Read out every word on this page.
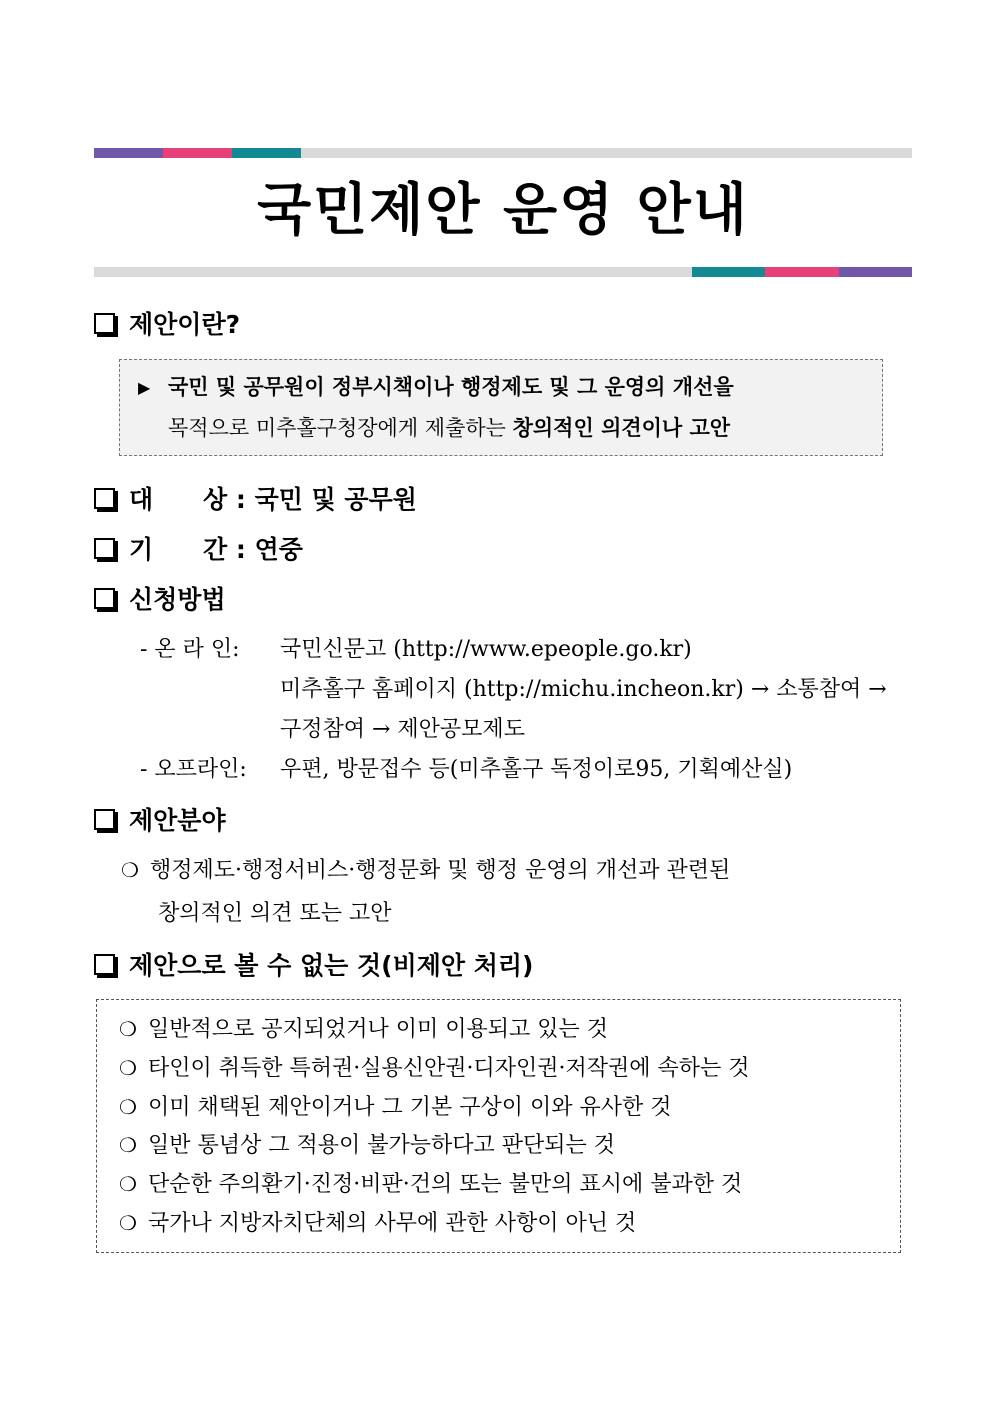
국민제안 운영 안내
제안이란?
▶ 국민 및 공무원이 정부시책이나 행정제도 및 그 운영의 개선을
목적으로 미추홀구청장에게 제출하는 창의적인 의견이나 고안
대 상 : 국민 및 공무원
기 간 : 연중
신청방법
- 온 라 인: 국민신문고 (http://www.epeople.go.kr)
미추홀구 홈페이지 (http://michu.incheon.kr) → 소통참여 →
구정참여 → 제안공모제도
- 오프라인: 우편, 방문접수 등(미추홀구 독정이로95, 기획예산실)
제안분야
❍ 행정제도·행정서비스·행정문화 및 행정 운영의 개선과 관련된
창의적인 의견 또는 고안
제안으로 볼 수 없는 것(비제안 처리)
❍ 일반적으로 공지되었거나 이미 이용되고 있는 것
❍ 타인이 취득한 특허권·실용신안권·디자인권·저작권에 속하는 것
❍ 이미 채택된 제안이거나 그 기본 구상이 이와 유사한 것
❍ 일반 통념상 그 적용이 불가능하다고 판단되는 것
❍ 단순한 주의환기·진정·비판·건의 또는 불만의 표시에 불과한 것
❍ 국가나 지방자치단체의 사무에 관한 사항이 아닌 것
